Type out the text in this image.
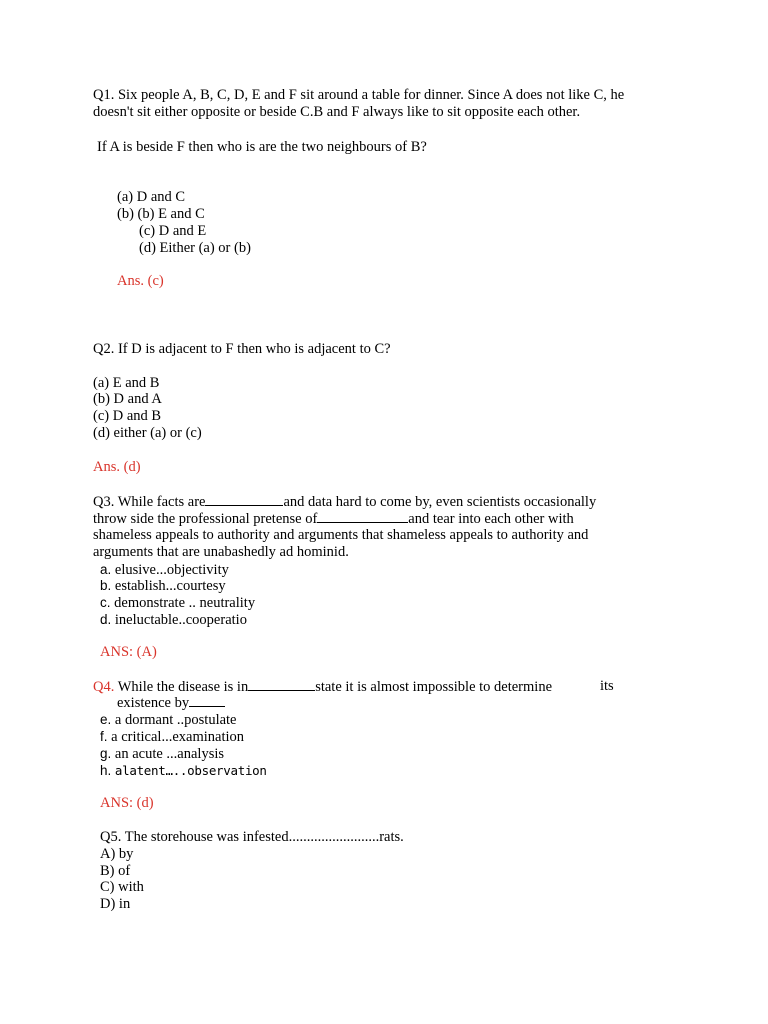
Q1. Six people A, B, C, D, E and F sit around a table for dinner. Since A does not like C, he
doesn't sit either opposite or beside C.B and F always like to sit opposite each other.
If A is beside F then who is are the two neighbours of B?
(a) D and C
(b) (b) E and C
(c) D and E
(d) Either (a) or (b)
Ans. (c)
Q2. If D is adjacent to F then who is adjacent to C?
(a) E and B
(b) D and A
(c) D and B
(d) either (a) or (c)
Ans. (d)
Q3. While facts are	and data hard to come by, even scientists occasionally
throw side the professional pretense of	and tear into each other with
shameless appeals to authority and arguments that shameless appeals to authority and
arguments that are unabashedly ad hominid.
a. elusive...objectivity
b. establish...courtesy
c. demonstrate .. neutrality
d. ineluctable..cooperatio
ANS: (A)
Q4. While the disease is in	state it is almost impossible to determine	its
existence by
e. a dormant ..postulate
f. a critical...examination
g. an acute ...analysis
h. alatent…..observation
ANS: (d)
Q5. The storehouse was infested.........................rats.
A) by
B) of
C) with
D) in
